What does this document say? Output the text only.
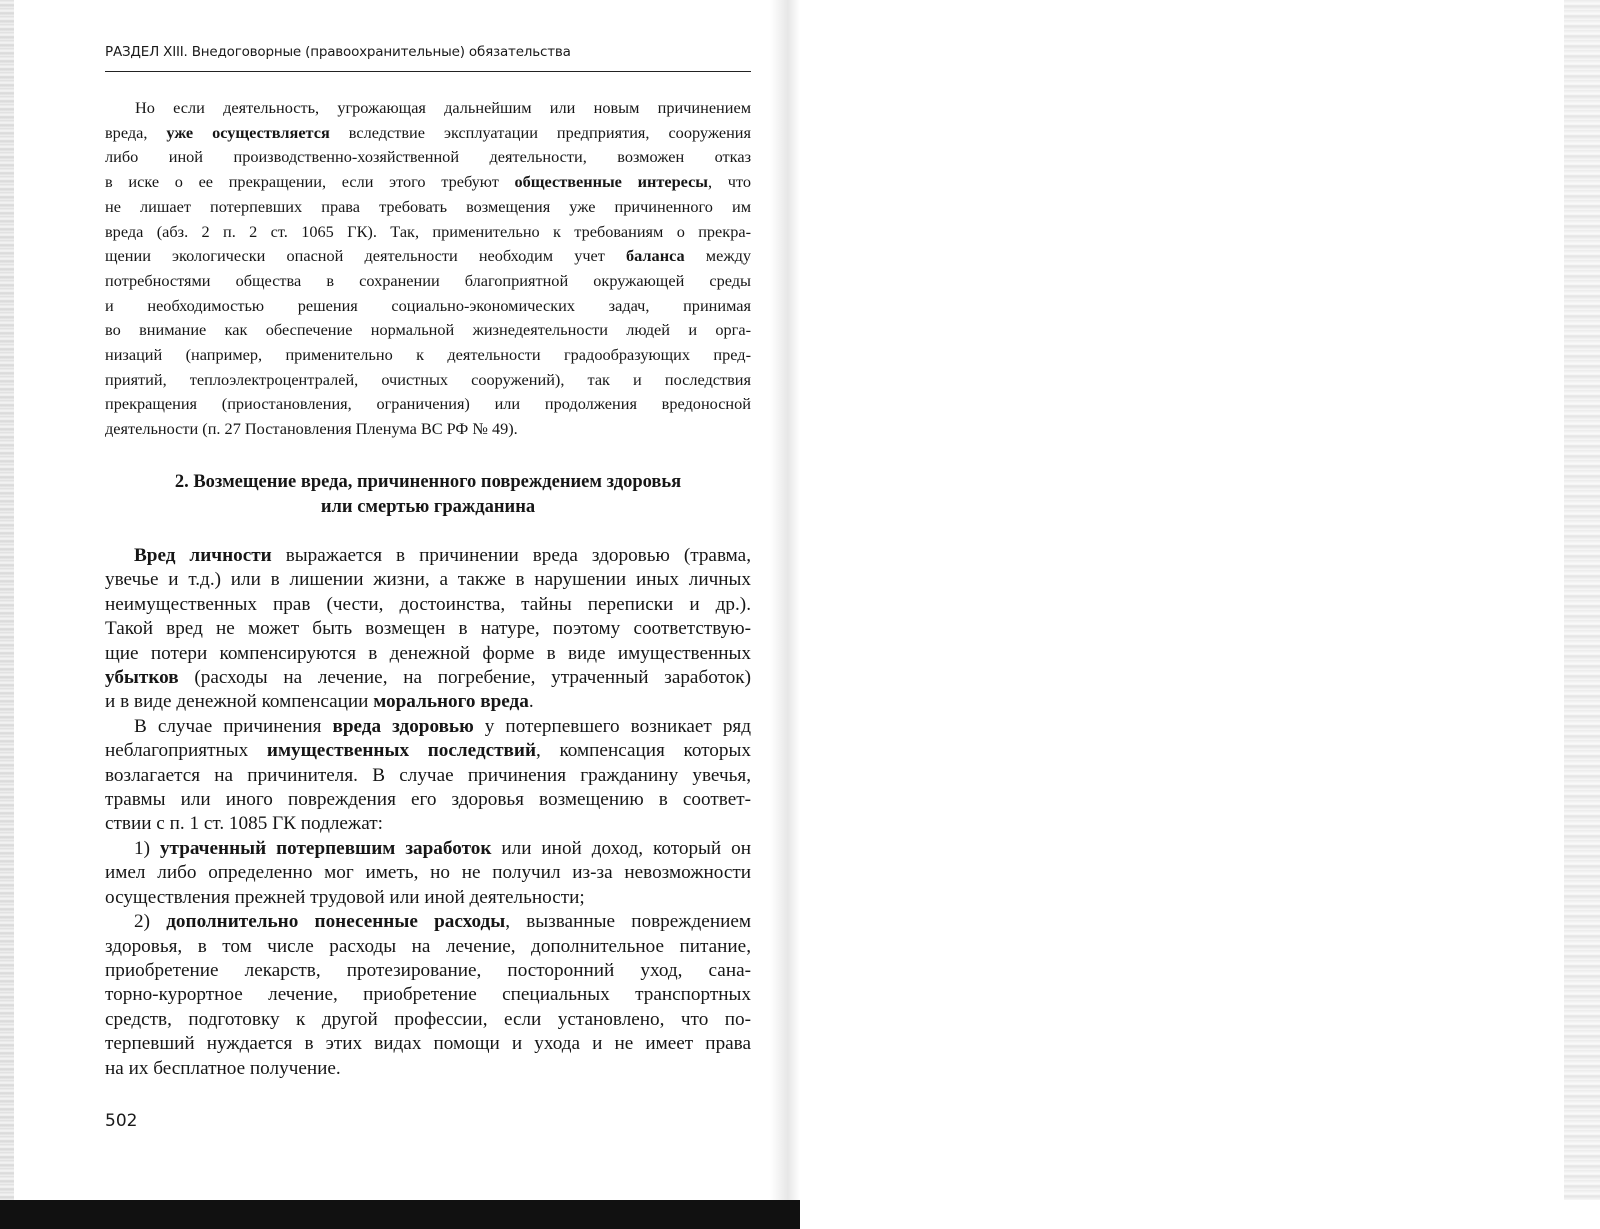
РАЗДЕЛ XIII. Внедоговорные (правоохранительные) обязательства
Но если деятельность, угрожающая дальнейшим или новым причинением
вреда, уже осуществляется вследствие эксплуатации предприятия, сооружения
либо иной производственно-хозяйственной деятельности, возможен отказ
в иске о ее прекращении, если этого требуют общественные интересы, что
не лишает потерпевших права требовать возмещения уже причиненного им
вреда (абз. 2 п. 2 ст. 1065 ГК). Так, применительно к требованиям о прекра-
щении экологически опасной деятельности необходим учет баланса между
потребностями общества в сохранении благоприятной окружающей среды
и необходимостью решения социально-экономических задач, принимая
во внимание как обеспечение нормальной жизнедеятельности людей и орга-
низаций (например, применительно к деятельности градообразующих пред-
приятий, теплоэлектроцентралей, очистных сооружений), так и последствия
прекращения (приостановления, ограничения) или продолжения вредоносной
деятельности (п. 27 Постановления Пленума ВС РФ № 49).
2. Возмещение вреда, причиненного повреждением здоровья
или смертью гражданина
Вред личности выражается в причинении вреда здоровью (травма,
увечье и т.д.) или в лишении жизни, а также в нарушении иных личных
неимущественных прав (чести, достоинства, тайны переписки и др.).
Такой вред не может быть возмещен в натуре, поэтому соответствую-
щие потери компенсируются в денежной форме в виде имущественных
убытков (расходы на лечение, на погребение, утраченный заработок)
и в виде денежной компенсации морального вреда.
В случае причинения вреда здоровью у потерпевшего возникает ряд
неблагоприятных имущественных последствий, компенсация которых
возлагается на причинителя. В случае причинения гражданину увечья,
травмы или иного повреждения его здоровья возмещению в соответ-
ствии с п. 1 ст. 1085 ГК подлежат:
1) утраченный потерпевшим заработок или иной доход, который он
имел либо определенно мог иметь, но не получил из-за невозможности
осуществления прежней трудовой или иной деятельности;
2) дополнительно понесенные расходы, вызванные повреждением
здоровья, в том числе расходы на лечение, дополнительное питание,
приобретение лекарств, протезирование, посторонний уход, сана-
торно-курортное лечение, приобретение специальных транспортных
средств, подготовку к другой профессии, если установлено, что по-
терпевший нуждается в этих видах помощи и ухода и не имеет права
на их бесплатное получение.
502
